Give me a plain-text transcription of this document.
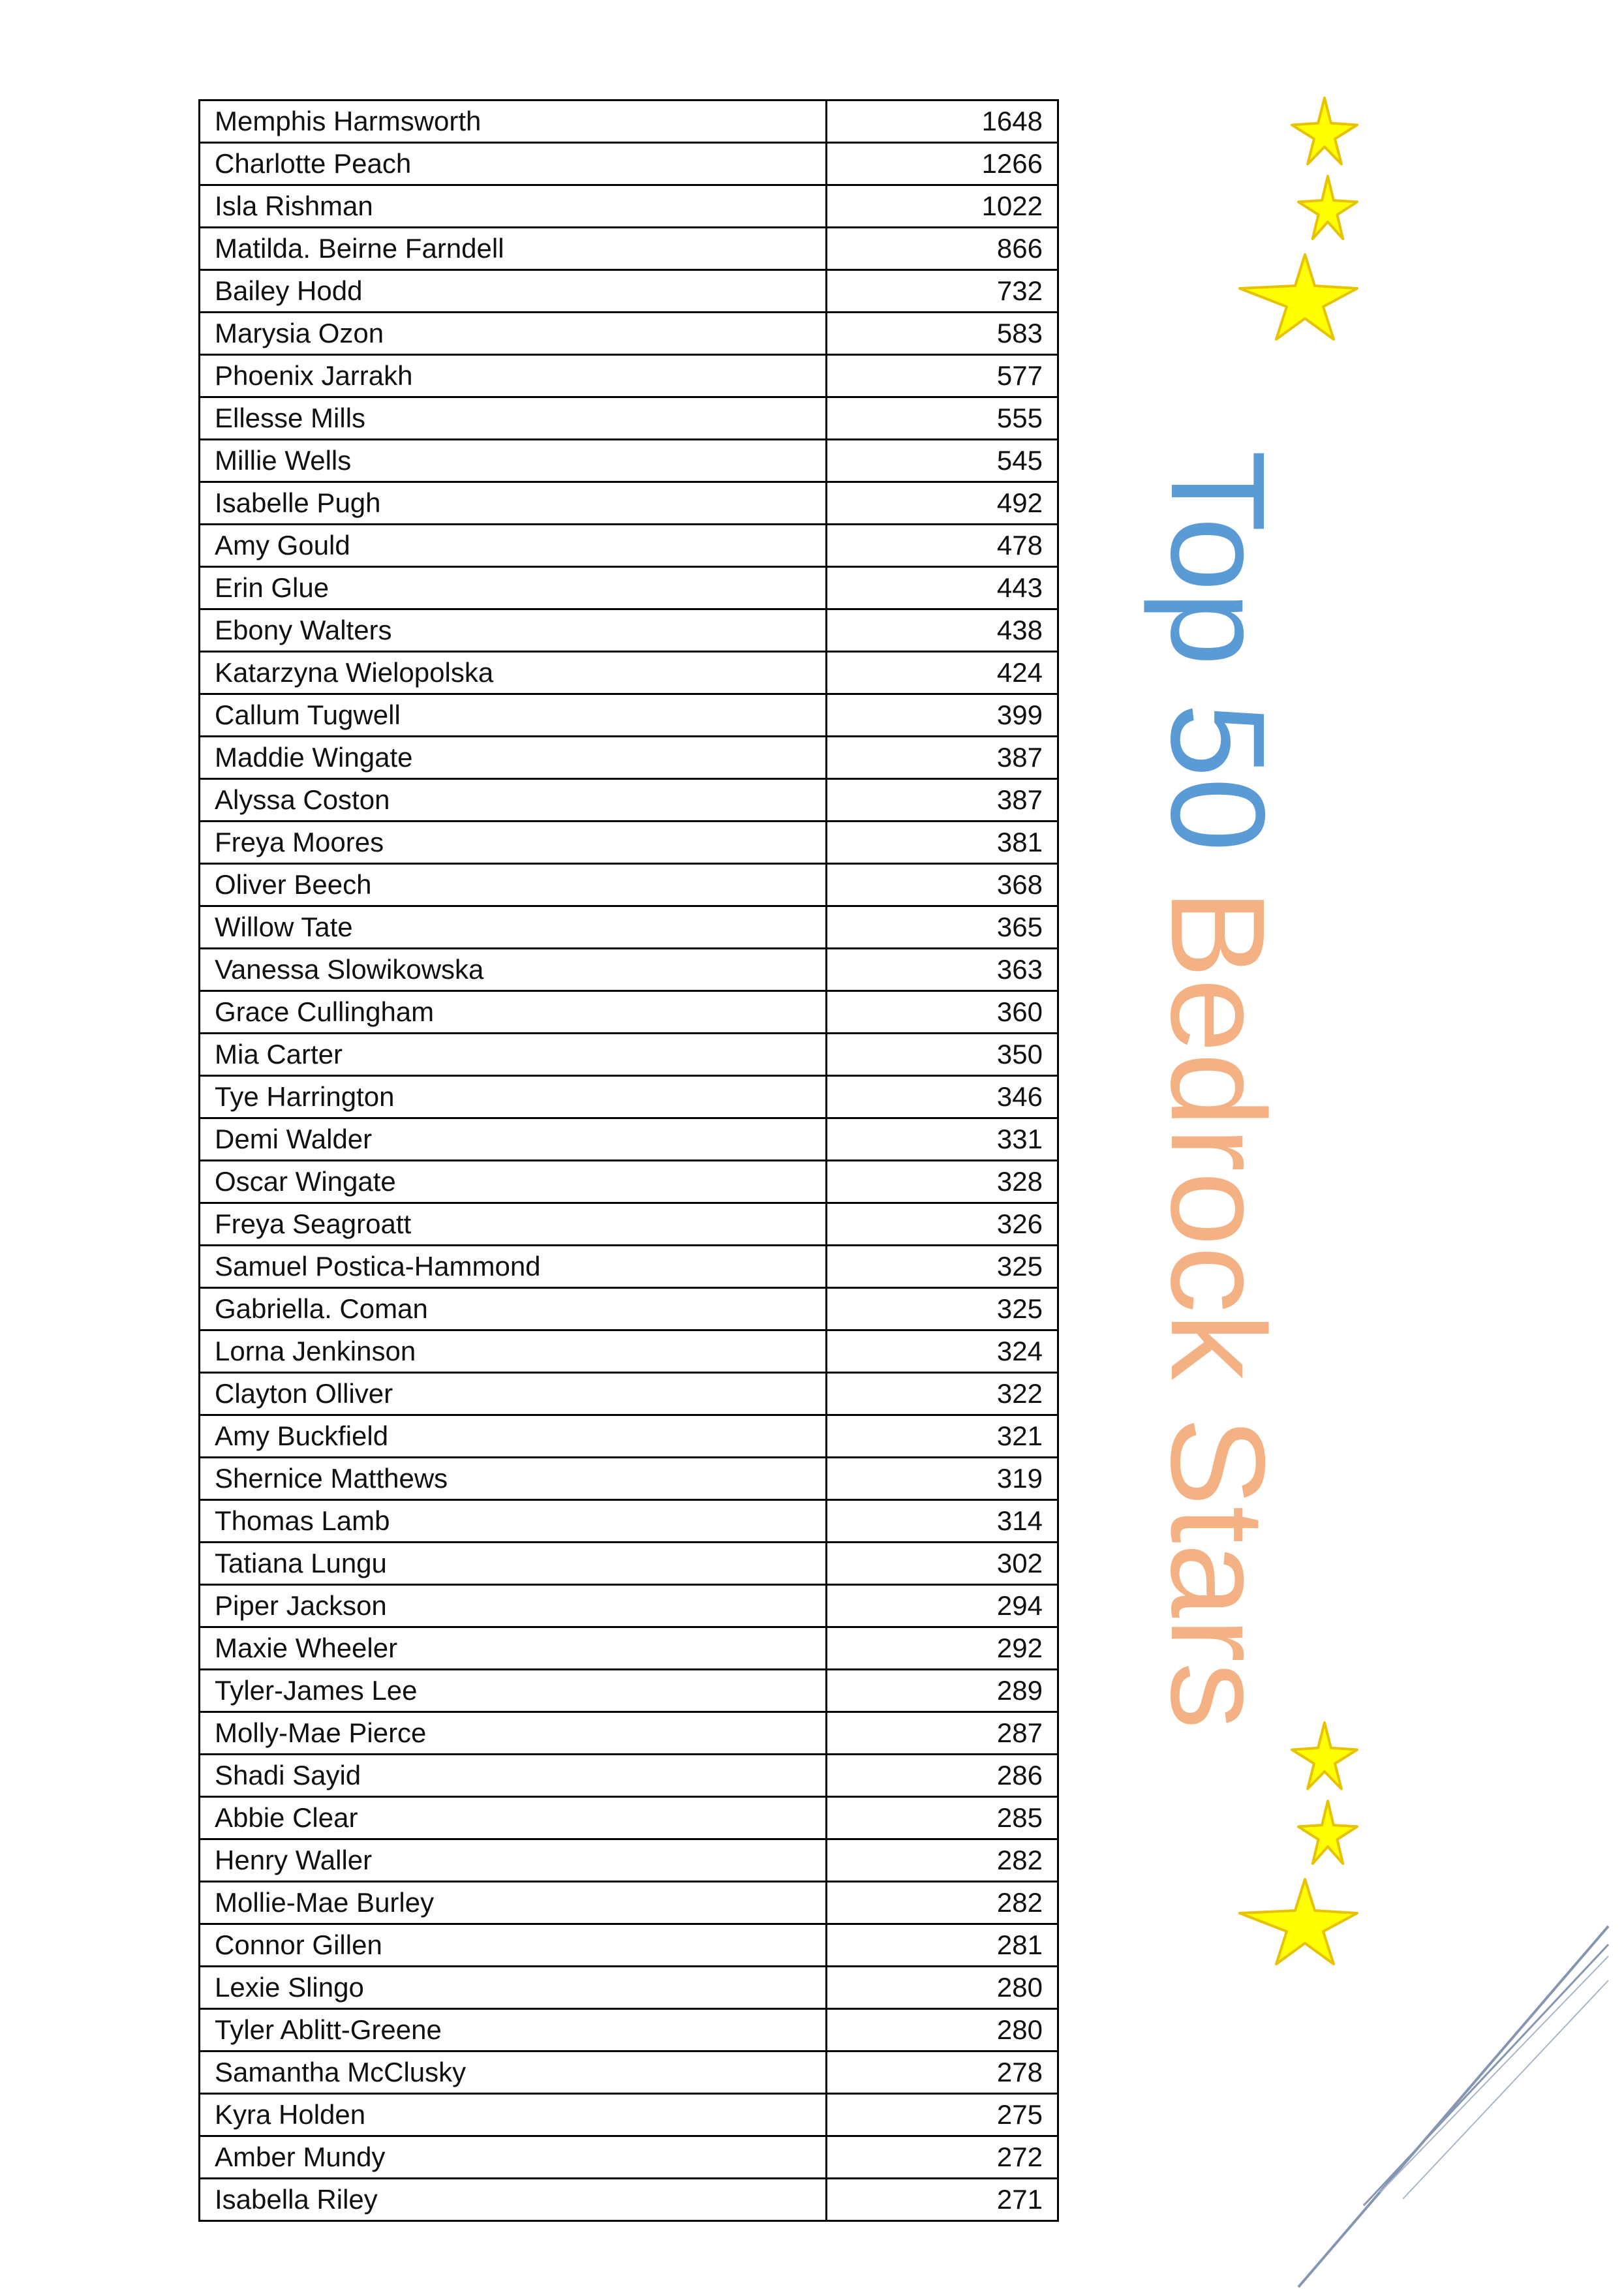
Memphis Harmsworth	1648
Charlotte Peach	1266
Isla Rishman	1022
Matilda. Beirne Farndell	866
Bailey Hodd	732
Marysia Ozon	583
Phoenix Jarrakh	577
Ellesse Mills	555
Millie Wells	545
Isabelle Pugh	492
Amy Gould	478
Erin Glue	443
Ebony Walters	438
Katarzyna Wielopolska	424
Callum Tugwell	399
Maddie Wingate	387
Alyssa Coston	387
Freya Moores	381
Oliver Beech	368
Willow Tate	365
Vanessa Slowikowska	363
Grace Cullingham	360
Mia Carter	350
Tye Harrington	346
Demi Walder	331
Oscar Wingate	328
Freya Seagroatt	326
Samuel Postica-Hammond	325
Gabriella. Coman	325
Lorna Jenkinson	324
Clayton Olliver	322
Amy Buckfield	321
Shernice Matthews	319
Thomas Lamb	314
Tatiana Lungu	302
Piper Jackson	294
Maxie Wheeler	292
Tyler-James Lee	289
Molly-Mae Pierce	287
Shadi Sayid	286
Abbie Clear	285
Henry Waller	282
Mollie-Mae Burley	282
Connor Gillen	281
Lexie Slingo	280
Tyler Ablitt-Greene	280
Samantha McClusky	278
Kyra Holden	275
Amber Mundy	272
Isabella Riley	271
Top 50 Bedrock Stars
